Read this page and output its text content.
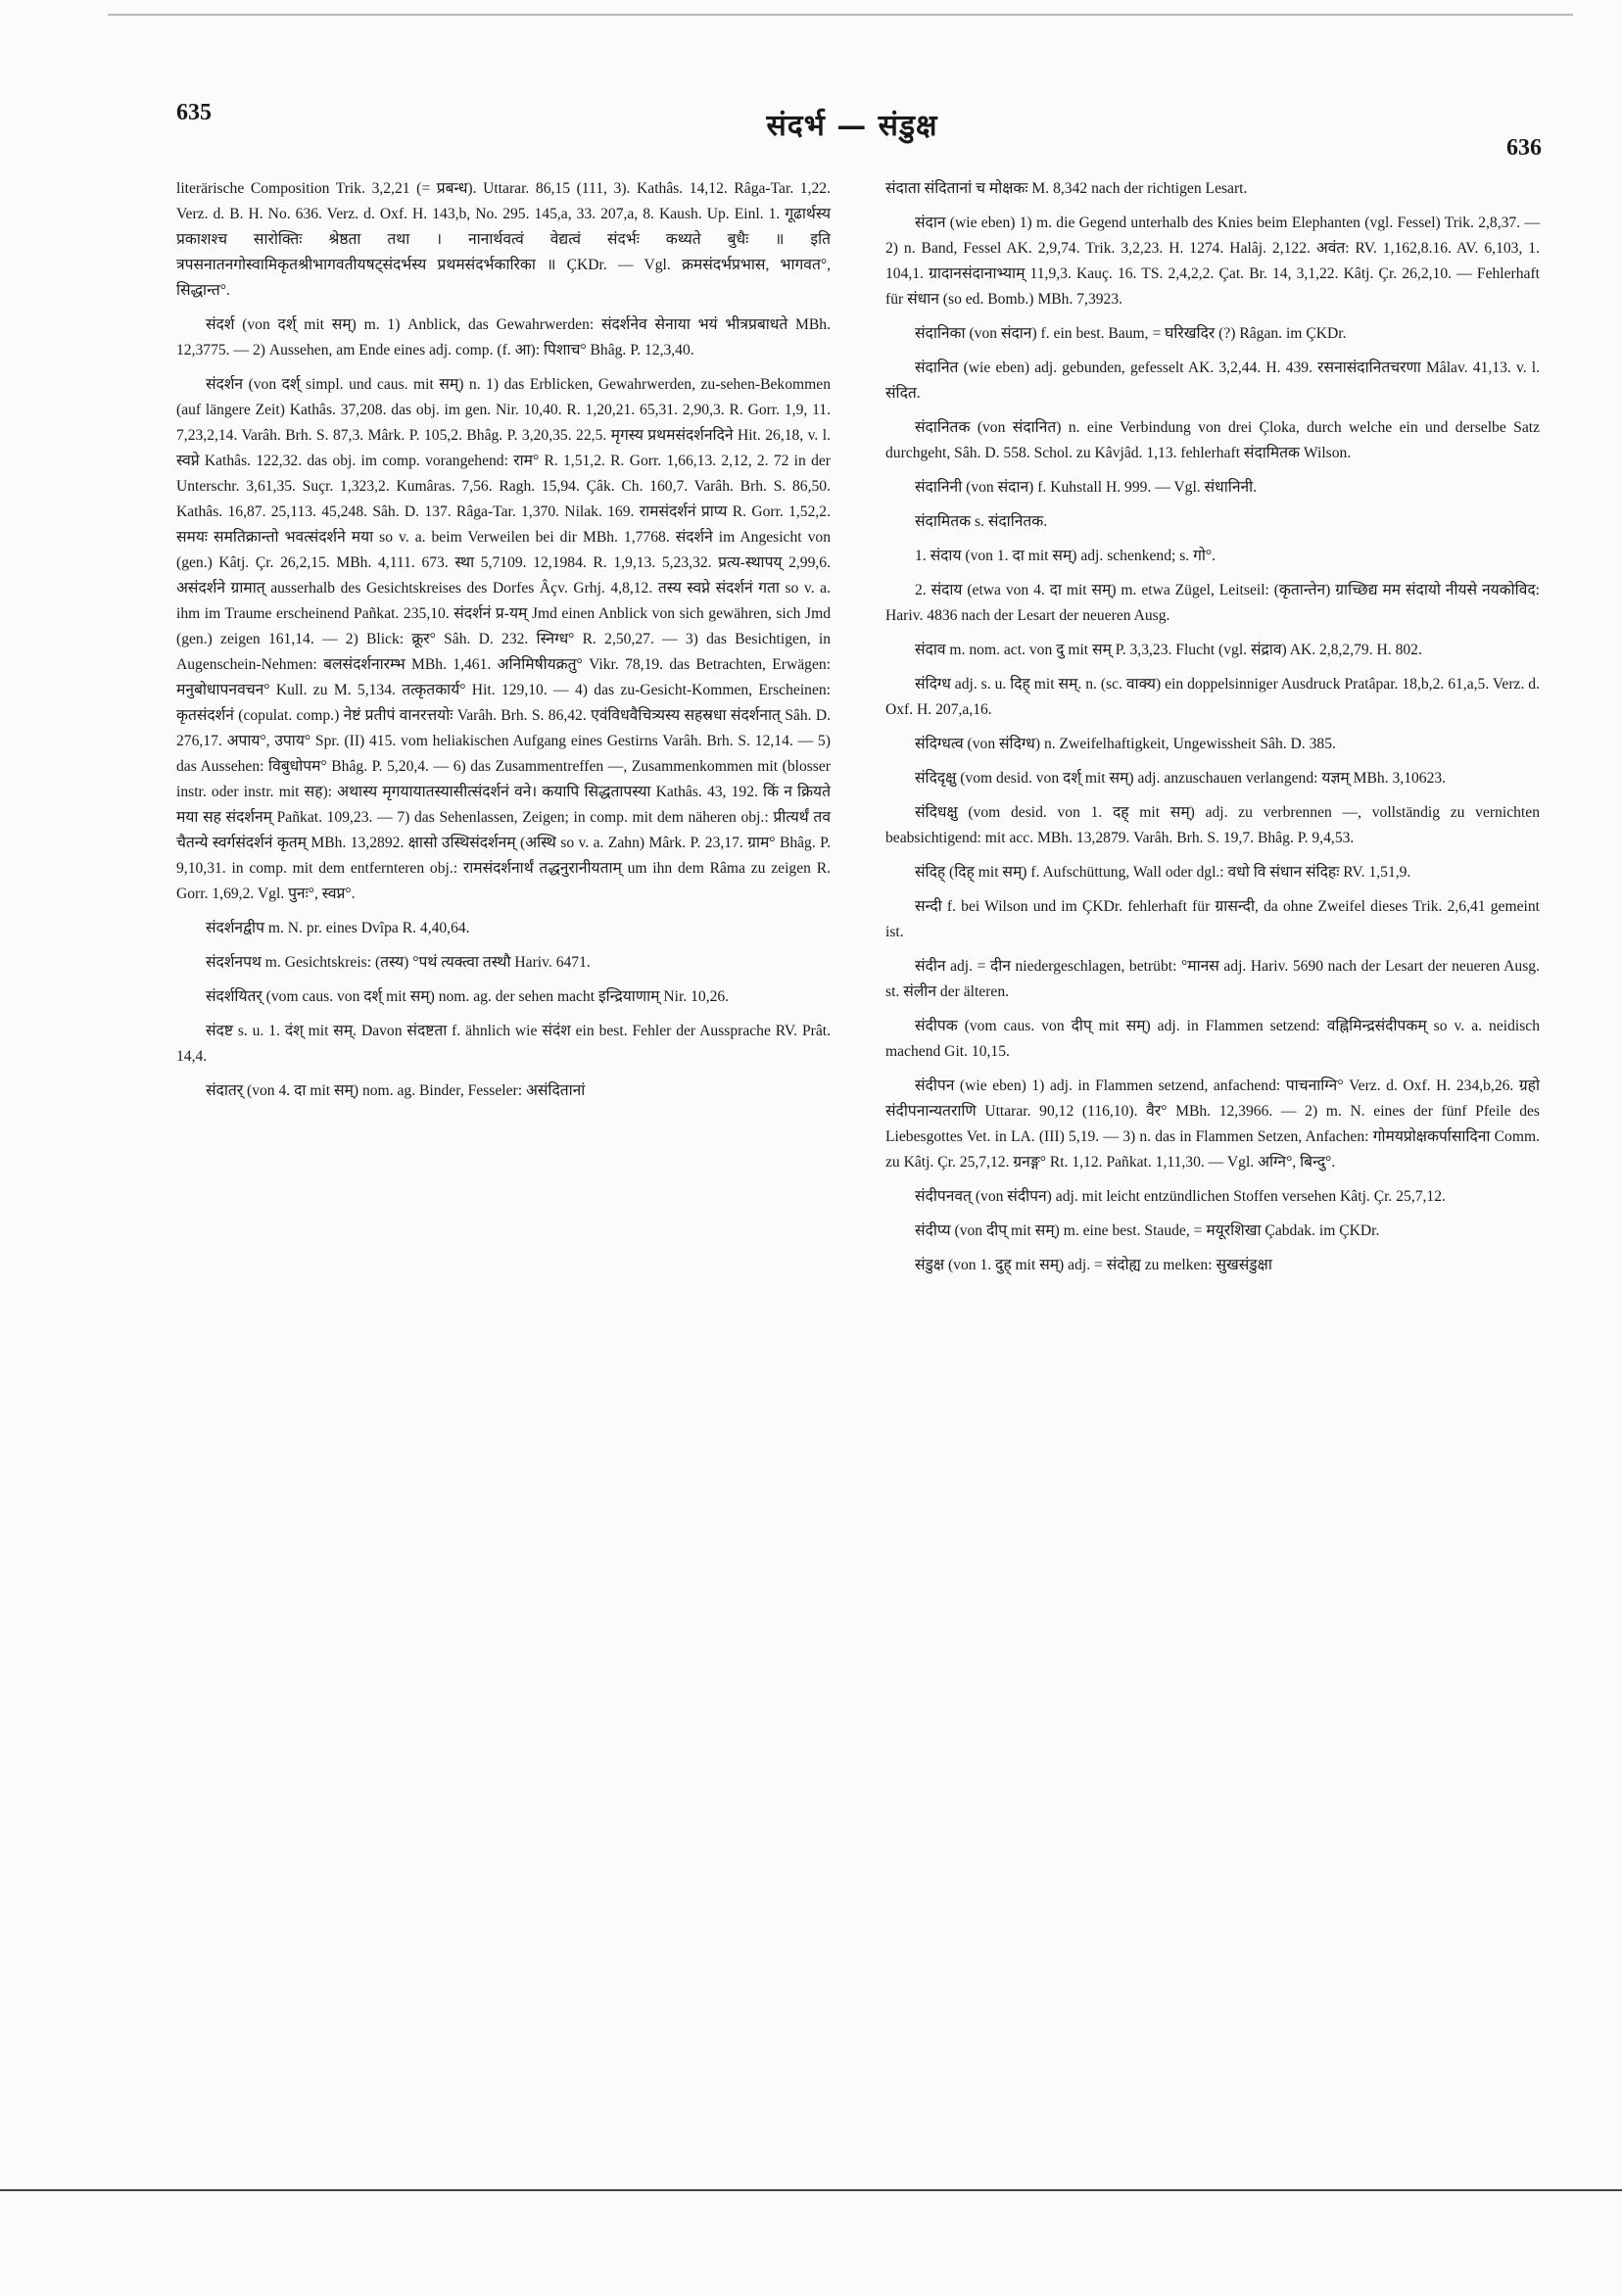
635	संदर्भ — संडुक्ष
636

literärische Composition Trik. 3,2,21 (= प्रबन्ध). Uttarar. 86,15 (111, 3). Kathâs. 14,12. Râga-Tar. 1,22. Verz. d. B. H. No. 636. Verz. d. Oxf. H. 143,b, No. 295. 145,a, 33. 207,a, 8. Kaush. Up. Einl. 1. गूढार्थस्य प्रकाशश्च सारोक्तिः श्रेष्ठता तथा । नानार्थवत्वं वेद्यत्वं संदर्भः कथ्यते बुधैः ॥ इति त्रपसनातनगोस्वामिकृतश्रीभागवतीयषट्संदर्भस्य प्रथमसंदर्भकारिका ॥ ÇKDr. — Vgl. क्रमसंदर्भप्रभास, भागवत°, सिद्धान्त°.

संदर्श (von दर्श् mit सम्) m. 1) Anblick, das Gewahrwerden: संदर्शनेव सेनाया भयं भीत्रप्रबाधते MBh. 12,3775. — 2) Aussehen, am Ende eines adj. comp. (f. आ): पिशाच° Bhâg. P. 12,3,40.

संदर्शन (von दर्श् simpl. und caus. mit सम्) n. 1) das Erblicken, Gewahrwerden, zu-sehen-Bekommen (auf längere Zeit) Kathâs. 37,208. das obj. im gen. Nir. 10,40. R. 1,20,21. 65,31. 2,90,3. R. Gorr. 1,9, 11. 7,23,2,14. Varâh. Brh. S. 87,3. Mârk. P. 105,2. Bhâg. P. 3,20,35. 22,5. मृगस्य प्रथमसंदर्शनदिने Hit. 26,18, v. l. स्वप्ने Kathâs. 122,32. das obj. im comp. vorangehend: राम° R. 1,51,2. R. Gorr. 1,66,13. 2,12, 2. 72 in der Unterschr. 3,61,35. Suçr. 1,323,2. Kumâras. 7,56. Ragh. 15,94. Çâk. Ch. 160,7. Varâh. Brh. S. 86,50. Kathâs. 16,87. 25,113. 45,248. Sâh. D. 137. Râga-Tar. 1,370. Nilak. 169. रामसंदर्शनं प्राप्य R. Gorr. 1,52,2. समयः समतिक्रान्तो भवत्संदर्शने मया so v. a. beim Verweilen bei dir MBh. 1,7768. संदर्शने im Angesicht von (gen.) Kâtj. Çr. 26,2,15. MBh. 4,111. 673. स्था 5,7109. 12,1984. R. 1,9,13. 5,23,32. प्रत्य-स्थापय् 2,99,6. असंदर्शने ग्रामात् ausserhalb des Gesichtskreises des Dorfes Âçv. Grhj. 4,8,12. तस्य स्वप्ने संदर्शनं गता so v. a. ihm im Traume erscheinend Pañkat. 235,10. संदर्शनं प्र-यम् Jmd einen Anblick von sich gewähren, sich Jmd (gen.) zeigen 161,14. — 2) Blick: क्रूर° Sâh. D. 232. स्निग्ध° R. 2,50,27. — 3) das Besichtigen, in Augenschein-Nehmen: बलसंदर्शनारम्भ MBh. 1,461. अनिमिषीयक्रतु° Vikr. 78,19. das Betrachten, Erwägen: मनुबोधापनवचन° Kull. zu M. 5,134. तत्कृतकार्य° Hit. 129,10. — 4) das zu-Gesicht-Kommen, Erscheinen: कृतसंदर्शनं (copulat. comp.) नेष्टं प्रतीपं वानरत्तयोः Varâh. Brh. S. 86,42. एवंविधवैचित्र्यस्य सहस्रधा संदर्शनात् Sâh. D. 276,17. अपाय°, उपाय° Spr. (II) 415. vom heliakischen Aufgang eines Gestirns Varâh. Brh. S. 12,14. — 5) das Aussehen: विबुधोपम° Bhâg. P. 5,20,4. — 6) das Zusammentreffen —, Zusammenkommen mit (blosser instr. oder instr. mit सह): अथास्य मृगयायातस्यासीत्संदर्शनं वने। कयापि सिद्धतापस्या Kathâs. 43, 192. किं न क्रियते मया सह संदर्शनम् Pañkat. 109,23. — 7) das Sehenlassen, Zeigen; in comp. mit dem näheren obj.: प्रीत्यर्थं तव चैतन्ये स्वर्गसंदर्शनं कृतम् MBh. 13,2892. क्षासो उस्थिसंदर्शनम् (अस्थि so v. a. Zahn) Mârk. P. 23,17. ग्राम° Bhâg. P. 9,10,31. in comp. mit dem entfernteren obj.: रामसंदर्शनार्थं तद्धनुरानीयताम् um ihn dem Râma zu zeigen R. Gorr. 1,69,2. Vgl. पुनः°, स्वप्न°.

संदर्शनद्वीप m. N. pr. eines Dvîpa R. 4,40,64.

संदर्शनपथ m. Gesichtskreis: (तस्य) °पथं त्यक्त्वा तस्थौ Hariv. 6471.

संदर्शयितर् (vom caus. von दर्श् mit सम्) nom. ag. der sehen macht इन्द्रियाणाम् Nir. 10,26.

संदष्ट s. u. 1. दंश् mit सम्. Davon संदष्टता f. ähnlich wie संदंश ein best. Fehler der Aussprache RV. Prât. 14,4.

संदातर् (von 4. दा mit सम्) nom. ag. Binder, Fesseler: असंदितानां

संदाता संदितानां च मोक्षकः M. 8,342 nach der richtigen Lesart.

संदान (wie eben) 1) m. die Gegend unterhalb des Knies beim Elephanten (vgl. Fessel) Trik. 2,8,37. — 2) n. Band, Fessel AK. 2,9,74. Trik. 3,2,23. H. 1274. Halâj. 2,122. अवंत: RV. 1,162,8.16. AV. 6,103, 1. 104,1. ग्रादानसंदानाभ्याम् 11,9,3. Kauç. 16. TS. 2,4,2,2. Çat. Br. 14, 3,1,22. Kâtj. Çr. 26,2,10. — Fehlerhaft für संधान (so ed. Bomb.) MBh. 7,3923.

संदानिका (von संदान) f. ein best. Baum, = घरिखदिर (?) Râgan. im ÇKDr.

संदानित (wie eben) adj. gebunden, gefesselt AK. 3,2,44. H. 439. रसनासंदानितचरणा Mâlav. 41,13. v. l. संदित.

संदानितक (von संदानित) n. eine Verbindung von drei Çloka, durch welche ein und derselbe Satz durchgeht, Sâh. D. 558. Schol. zu Kâvjâd. 1,13. fehlerhaft संदामितक Wilson.

संदानिनी (von संदान) f. Kuhstall H. 999. — Vgl. संधानिनी.

संदामितक s. संदानितक.

1. संदाय (von 1. दा mit सम्) adj. schenkend; s. गो°.

2. संदाय (etwa von 4. दा mit सम्) m. etwa Zügel, Leitseil: (कृतान्तेन) ग्राच्छिद्य मम संदायो नीयसे नयकोविद: Hariv. 4836 nach der Lesart der neueren Ausg.

संदाव m. nom. act. von दु mit सम् P. 3,3,23. Flucht (vgl. संद्राव) AK. 2,8,2,79. H. 802.

संदिग्ध adj. s. u. दिह् mit सम्. n. (sc. वाक्य) ein doppelsinniger Ausdruck Pratâpar. 18,b,2. 61,a,5. Verz. d. Oxf. H. 207,a,16.

संदिग्धत्व (von संदिग्ध) n. Zweifelhaftigkeit, Ungewissheit Sâh. D. 385.

संदिदृक्षु (vom desid. von दर्श् mit सम्) adj. anzuschauen verlangend: यज्ञम् MBh. 3,10623.

संदिधक्षु (vom desid. von 1. दह् mit सम्) adj. zu verbrennen —, vollständig zu vernichten beabsichtigend: mit acc. MBh. 13,2879. Varâh. Brh. S. 19,7. Bhâg. P. 9,4,53.

संदिह् (दिह् mit सम्) f. Aufschüttung, Wall oder dgl.: वधो वि संधान संदिहः RV. 1,51,9.

सन्दी f. bei Wilson und im ÇKDr. fehlerhaft für ग्रासन्दी, da ohne Zweifel dieses Trik. 2,6,41 gemeint ist.

संदीन adj. = दीन niedergeschlagen, betrübt: °मानस adj. Hariv. 5690 nach der Lesart der neueren Ausg. st. संलीन der älteren.

संदीपक (vom caus. von दीप् mit सम्) adj. in Flammen setzend: वह्निमिन्द्रसंदीपकम् so v. a. neidisch machend Git. 10,15.

संदीपन (wie eben) 1) adj. in Flammen setzend, anfachend: पाचनाग्नि° Verz. d. Oxf. H. 234,b,26. ग्रहो संदीपनान्यतराणि Uttarar. 90,12 (116,10). वैर° MBh. 12,3966. — 2) m. N. eines der fünf Pfeile des Liebesgottes Vet. in LA. (III) 5,19. — 3) n. das in Flammen Setzen, Anfachen: गोमयप्रोक्षकर्पासादिना Comm. zu Kâtj. Çr. 25,7,12. ग्रनङ्ग° Rt. 1,12. Pañkat. 1,11,30. — Vgl. अग्नि°, बिन्दु°.

संदीपनवत् (von संदीपन) adj. mit leicht entzündlichen Stoffen versehen Kâtj. Çr. 25,7,12.

संदीप्य (von दीप् mit सम्) m. eine best. Staude, = मयूरशिखा Çabdak. im ÇKDr.

संडुक्ष (von 1. दुह् mit सम्) adj. = संदोह्य zu melken: सुखसंडुक्षा
